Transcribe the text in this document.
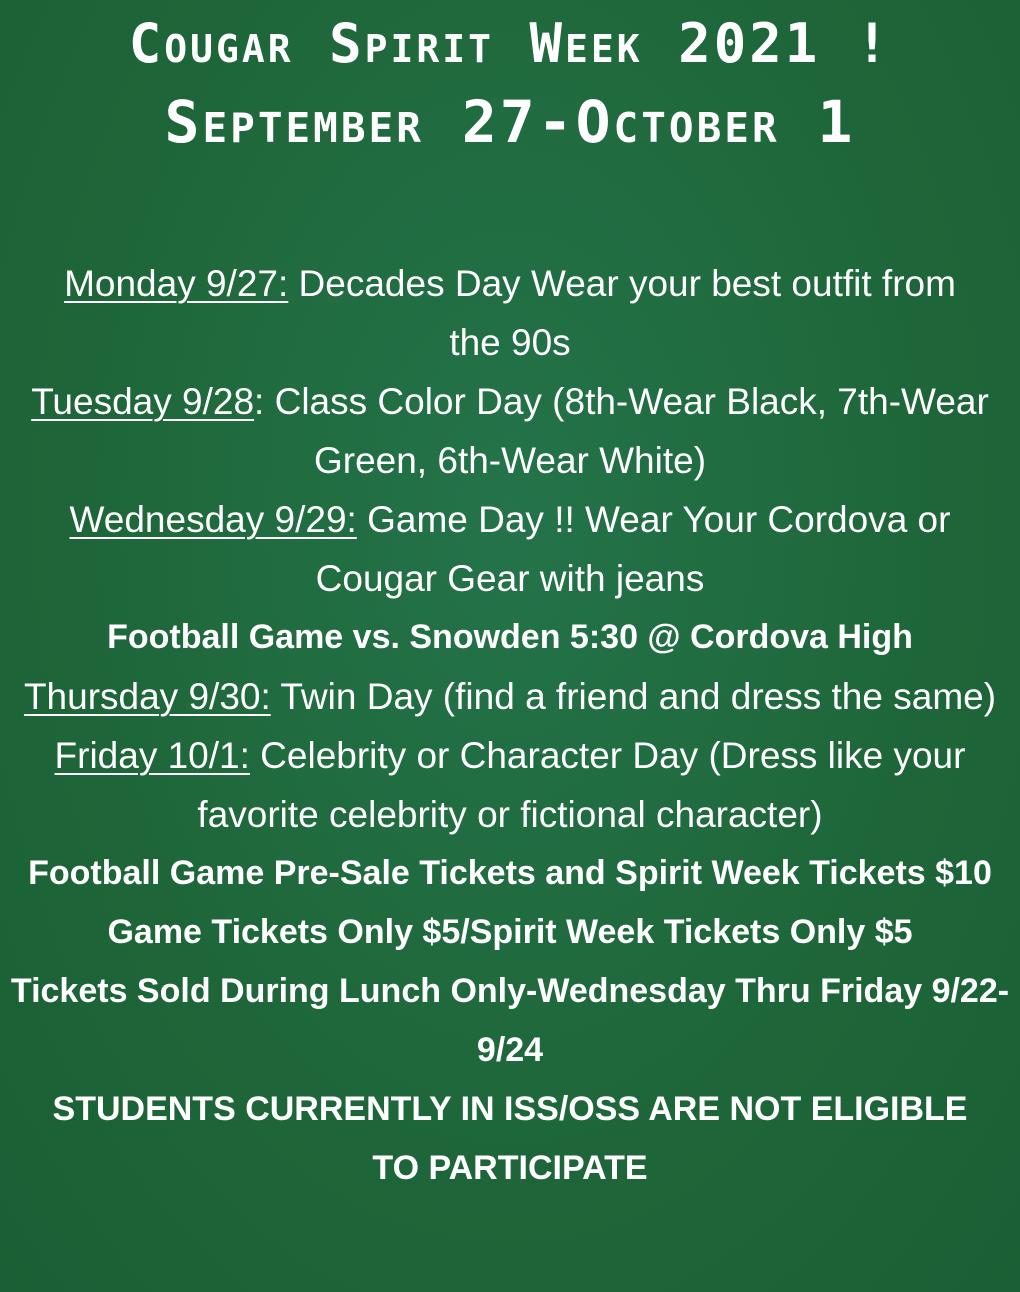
Cougar Spirit Week 2021 !
September 27-October 1

Monday 9/27: Decades Day Wear your best outfit from the 90s

Tuesday 9/28: Class Color Day (8th-Wear Black, 7th-Wear Green, 6th-Wear White)

Wednesday 9/29: Game Day !! Wear Your Cordova or Cougar Gear with jeans

Football Game vs. Snowden 5:30 @ Cordova High

Thursday 9/30: Twin Day (find a friend and dress the same)

Friday 10/1: Celebrity or Character Day (Dress like your favorite celebrity or fictional character)

Football Game Pre-Sale Tickets and Spirit Week Tickets $10 Game Tickets Only $5/Spirit Week Tickets Only $5

Tickets Sold During Lunch Only-Wednesday Thru Friday 9/22-9/24

STUDENTS CURRENTLY IN ISS/OSS ARE NOT ELIGIBLE TO PARTICIPATE
